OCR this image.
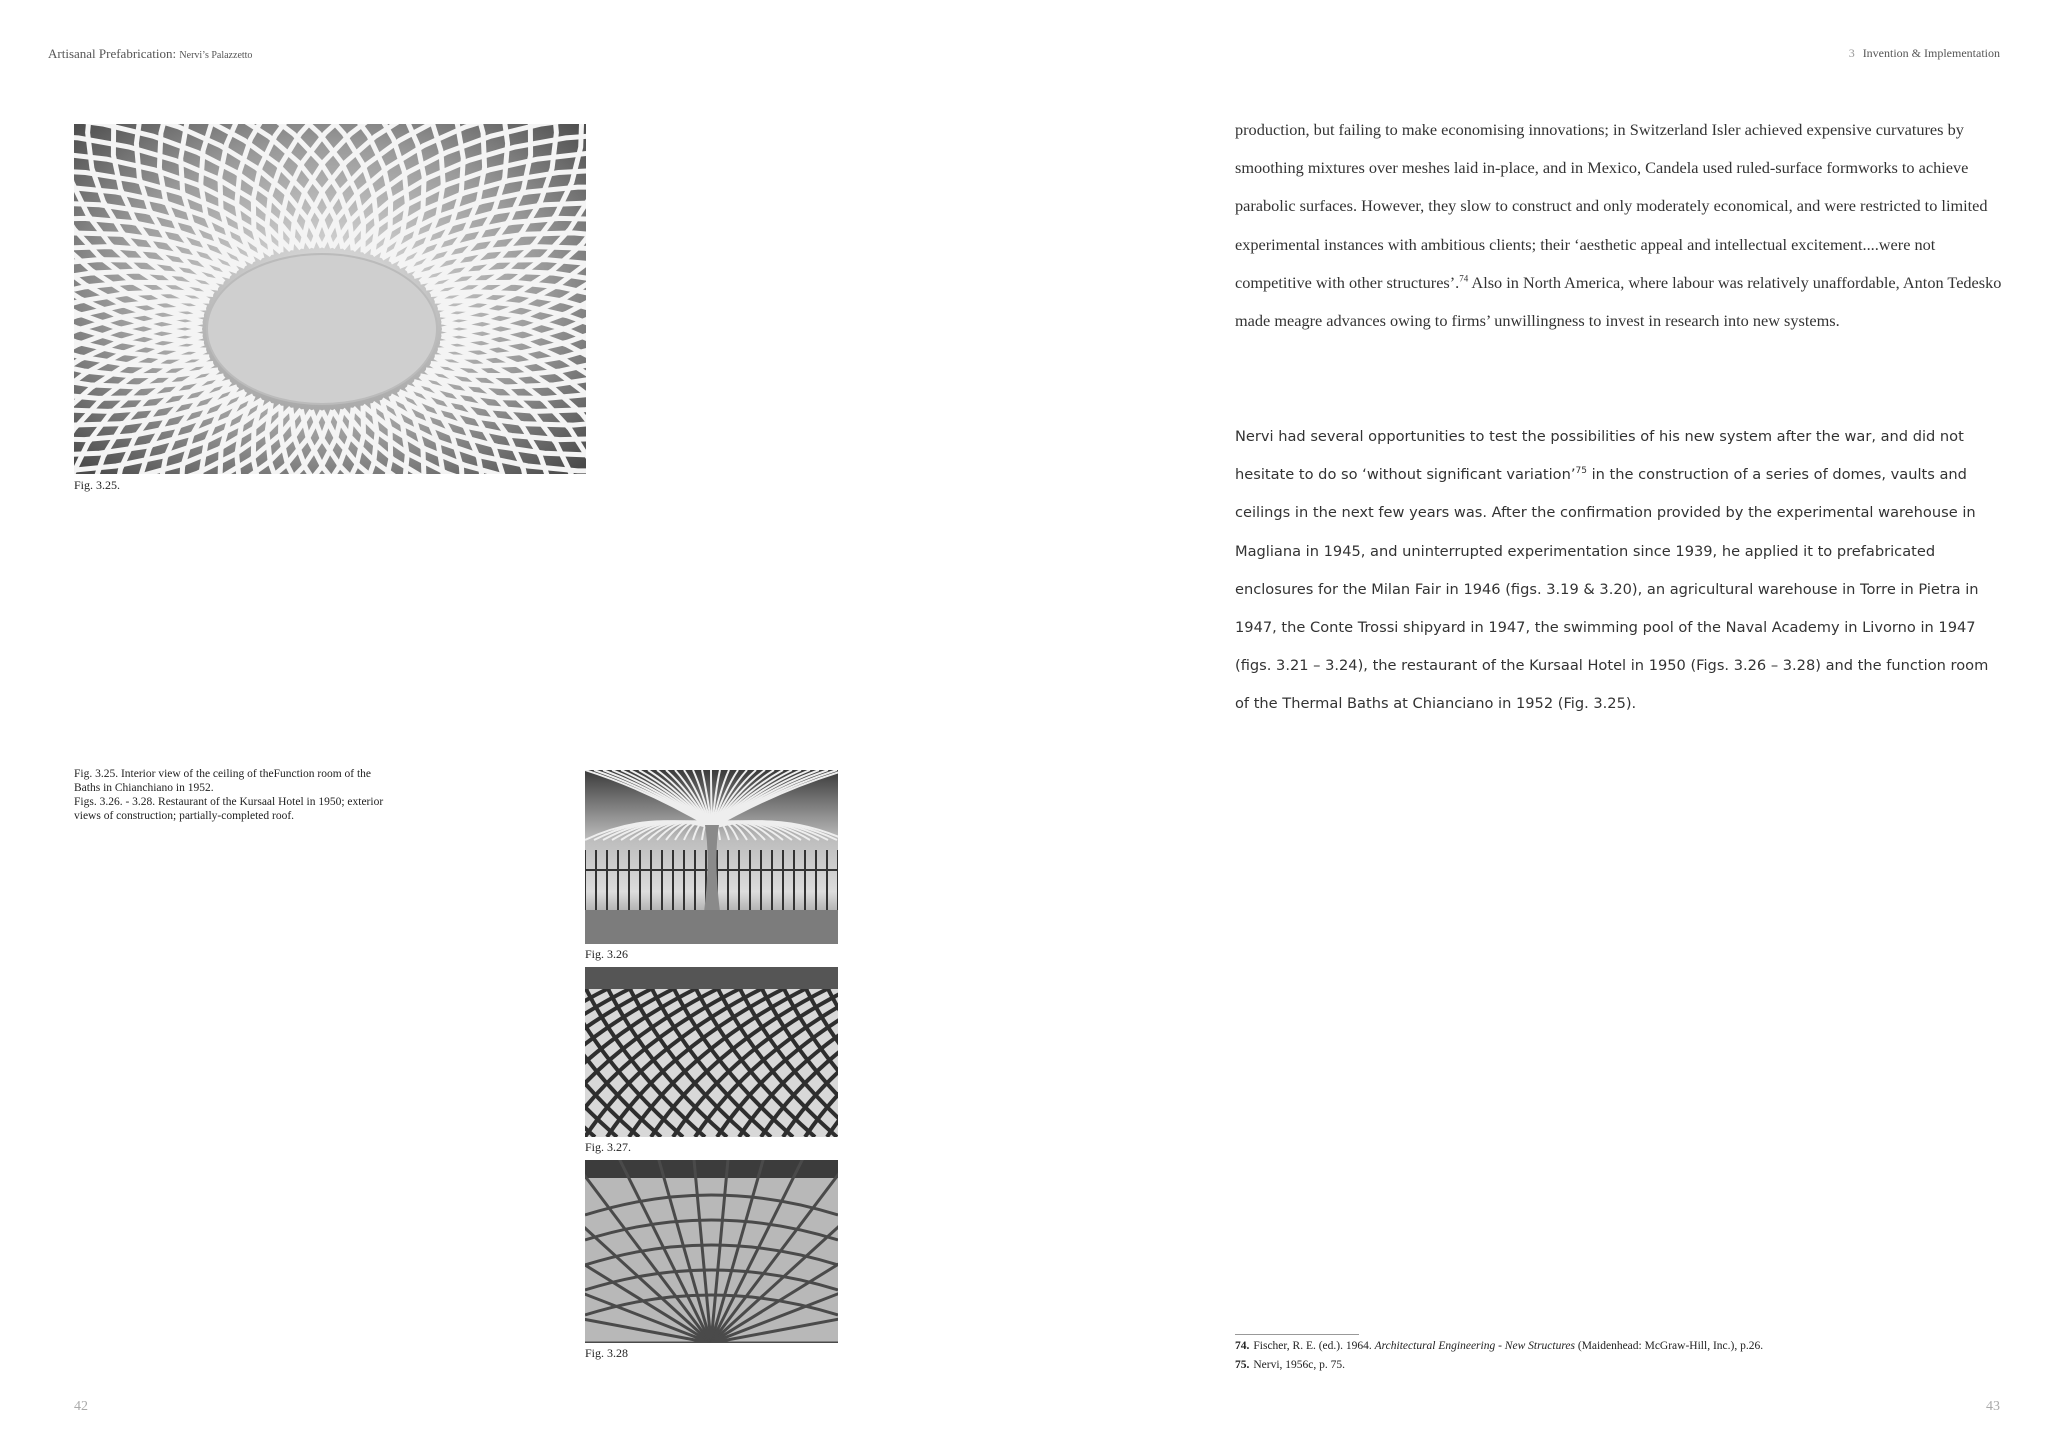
Artisanal Prefabrication: Nervi’s Palazzetto	3 Invention & Implementation
Fig. 3.25.
Fig. 3.25. Interior view of the ceiling of theFunction room of the
Baths in Chianchiano in 1952.
Figs. 3.26. - 3.28. Restaurant of the Kursaal Hotel in 1950; exterior
views of construction; partially-completed roof.
Fig. 3.26
Fig. 3.27.
Fig. 3.28

production, but failing to make economising innovations; in Switzerland Isler achieved expensive curvatures by smoothing mixtures over meshes laid in-place, and in Mexico, Candela used ruled-surface formworks to achieve parabolic surfaces. However, they slow to construct and only moderately economical, and were restricted to limited experimental instances with ambitious clients; their ‘aesthetic appeal and intellectual excitement....were not competitive with other structures’.$^{74}$ Also in North America, where labour was relatively unaffordable, Anton Tedesko made meagre advances owing to firms’ unwillingness to invest in research into new systems.

Nervi had several opportunities to test the possibilities of his new system after the war, and did not hesitate to do so ‘without significant variation’$^{75}$ in the construction of a series of domes, vaults and ceilings in the next few years was. After the confirmation provided by the experimental warehouse in Magliana in 1945, and uninterrupted experimentation since 1939, he applied it to prefabricated enclosures for the Milan Fair in 1946 (figs. 3.19 & 3.20), an agricultural warehouse in Torre in Pietra in 1947, the Conte Trossi shipyard in 1947, the swimming pool of the Naval Academy in Livorno in 1947 (figs. 3.21 – 3.24), the restaurant of the Kursaal Hotel in 1950 (Figs. 3.26 – 3.28) and the function room of the Thermal Baths at Chianciano in 1952 (Fig. 3.25).

74. Fischer, R. E. (ed.). 1964. Architectural Engineering - New Structures (Maidenhead: McGraw-Hill, Inc.), p.26.
75. Nervi, 1956c, p. 75.
42	43
